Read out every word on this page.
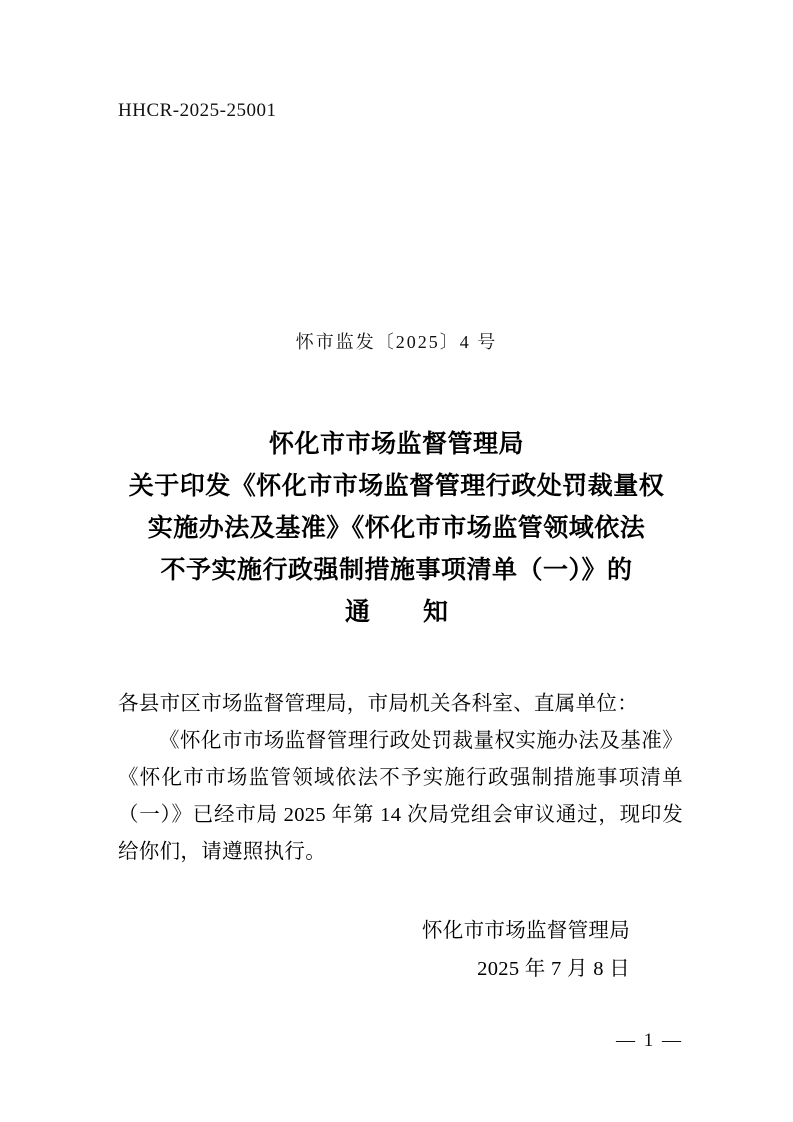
HHCR-2025-25001
怀市监发〔2025〕4 号
怀化市市场监督管理局
关于印发《怀化市市场监督管理行政处罚裁量权
实施办法及基准》《怀化市市场监管领域依法
不予实施行政强制措施事项清单（一）》的
通　知

各县市区市场监督管理局，市局机关各科室、直属单位：

《怀化市市场监督管理行政处罚裁量权实施办法及基准》《怀化市市场监管领域依法不予实施行政强制措施事项清单（一）》已经市局 2025 年第 14 次局党组会审议通过，现印发给你们，请遵照执行。

怀化市市场监督管理局
2025 年 7 月 8 日
— 1 —
